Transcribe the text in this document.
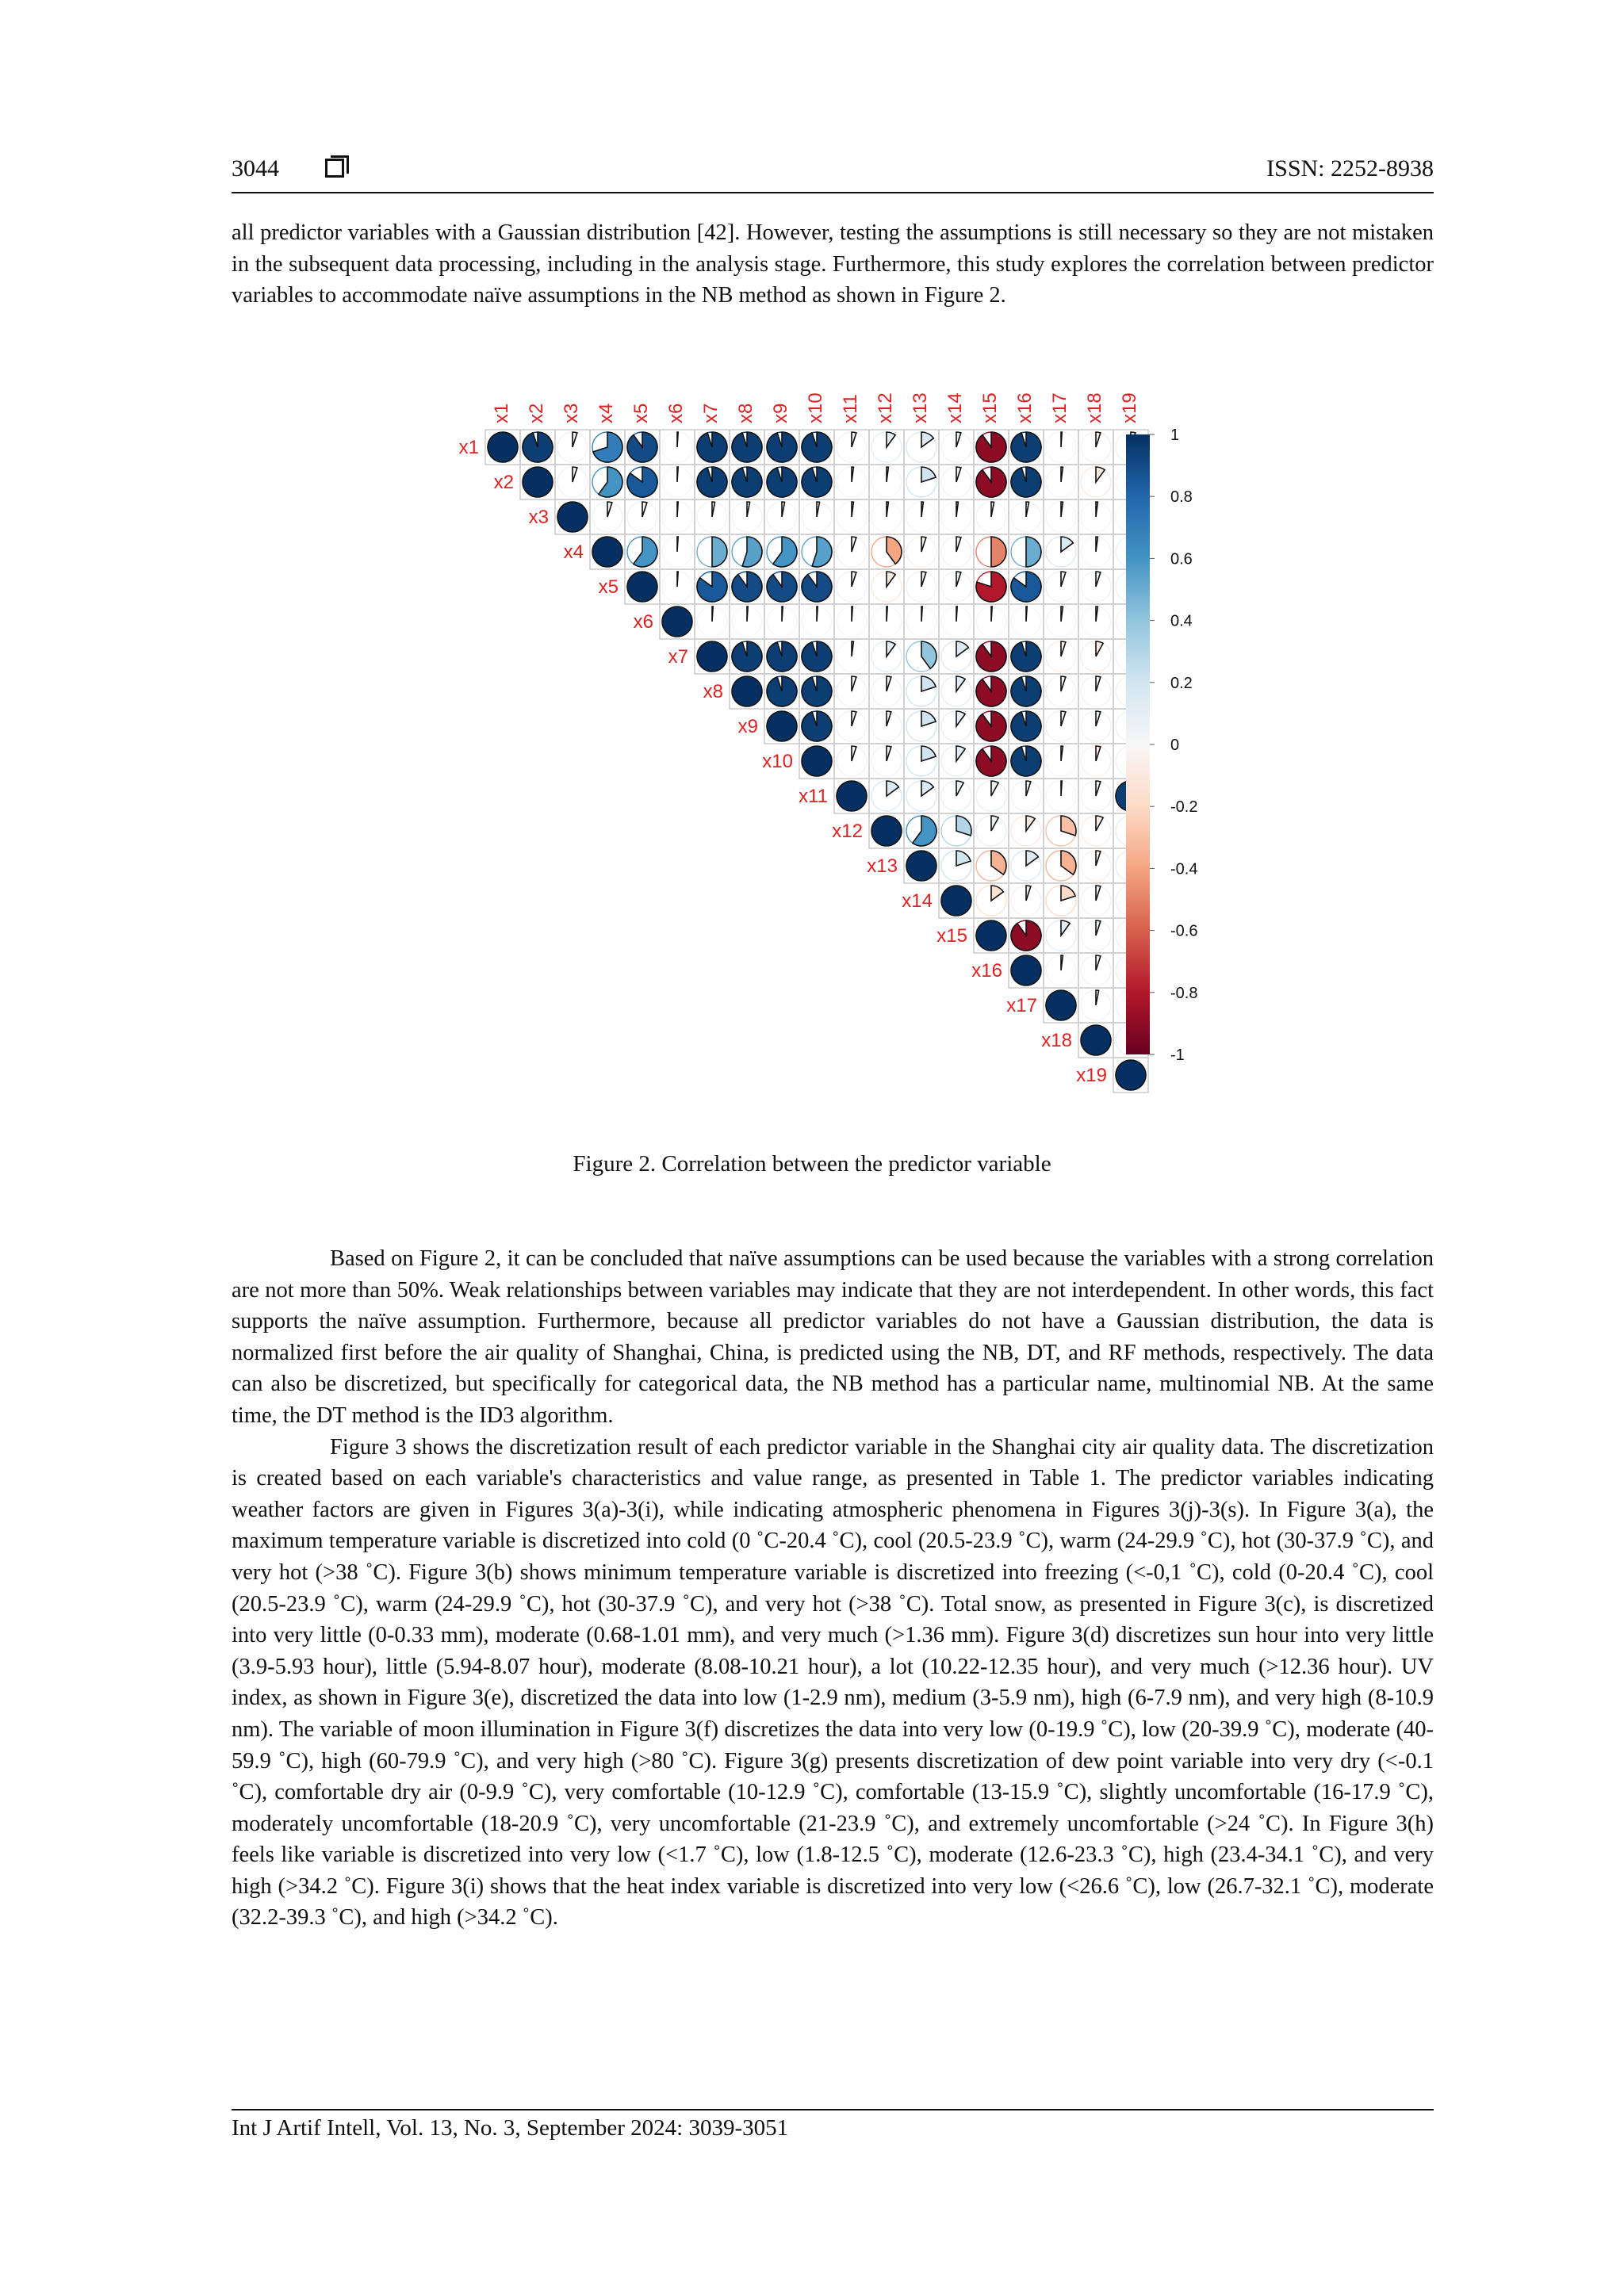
3044	ISSN: 2252-8938

all predictor variables with a Gaussian distribution [42]. However, testing the assumptions is still necessary so they are not mistaken in the subsequent data processing, including in the analysis stage. Furthermore, this study explores the correlation between predictor variables to accommodate naïve assumptions in the NB method as shown in Figure 2.

x1 x2 x3 x4 x5 x6 x7 x8 x9 x10 x11 x12 x13 x14 x15 x16 x17 x18 x19
x1
x2
x3
x4
x5
x6
x7
x8
x9
x10
x11
x12
x13
x14
x15
x16
x17
x18
x19
1
0.8
0.6
0.4
0.2
0
-0.2
-0.4
-0.6
-0.8
-1
Figure 2. Correlation between the predictor variable

Based on Figure 2, it can be concluded that naïve assumptions can be used because the variables with a strong correlation are not more than 50%. Weak relationships between variables may indicate that they are not interdependent. In other words, this fact supports the naïve assumption. Furthermore, because all predictor variables do not have a Gaussian distribution, the data is normalized first before the air quality of Shanghai, China, is predicted using the NB, DT, and RF methods, respectively. The data can also be discretized, but specifically for categorical data, the NB method has a particular name, multinomial NB. At the same time, the DT method is the ID3 algorithm.

Figure 3 shows the discretization result of each predictor variable in the Shanghai city air quality data. The discretization is created based on each variable's characteristics and value range, as presented in Table 1. The predictor variables indicating weather factors are given in Figures 3(a)-3(i), while indicating atmospheric phenomena in Figures 3(j)-3(s). In Figure 3(a), the maximum temperature variable is discretized into cold (0 ˚C-20.4 ˚C), cool (20.5-23.9 ˚C), warm (24-29.9 ˚C), hot (30-37.9 ˚C), and very hot (>38 ˚C). Figure 3(b) shows minimum temperature variable is discretized into freezing (<-0,1 ˚C), cold (0-20.4 ˚C), cool (20.5-23.9 ˚C), warm (24-29.9 ˚C), hot (30-37.9 ˚C), and very hot (>38 ˚C). Total snow, as presented in Figure 3(c), is discretized into very little (0-0.33 mm), moderate (0.68-1.01 mm), and very much (>1.36 mm). Figure 3(d) discretizes sun hour into very little (3.9-5.93 hour), little (5.94-8.07 hour), moderate (8.08-10.21 hour), a lot (10.22-12.35 hour), and very much (>12.36 hour). UV index, as shown in Figure 3(e), discretized the data into low (1-2.9 nm), medium (3-5.9 nm), high (6-7.9 nm), and very high (8-10.9 nm). The variable of moon illumination in Figure 3(f) discretizes the data into very low (0-19.9 ˚C), low (20-39.9 ˚C), moderate (40-59.9 ˚C), high (60-79.9 ˚C), and very high (>80 ˚C). Figure 3(g) presents discretization of dew point variable into very dry (<-0.1 ˚C), comfortable dry air (0-9.9 ˚C), very comfortable (10-12.9 ˚C), comfortable (13-15.9 ˚C), slightly uncomfortable (16-17.9 ˚C), moderately uncomfortable (18-20.9 ˚C), very uncomfortable (21-23.9 ˚C), and extremely uncomfortable (>24 ˚C). In Figure 3(h) feels like variable is discretized into very low (<1.7 ˚C), low (1.8-12.5 ˚C), moderate (12.6-23.3 ˚C), high (23.4-34.1 ˚C), and very high (>34.2 ˚C). Figure 3(i) shows that the heat index variable is discretized into very low (<26.6 ˚C), low (26.7-32.1 ˚C), moderate (32.2-39.3 ˚C), and high (>34.2 ˚C).

Int J Artif Intell, Vol. 13, No. 3, September 2024: 3039-3051
